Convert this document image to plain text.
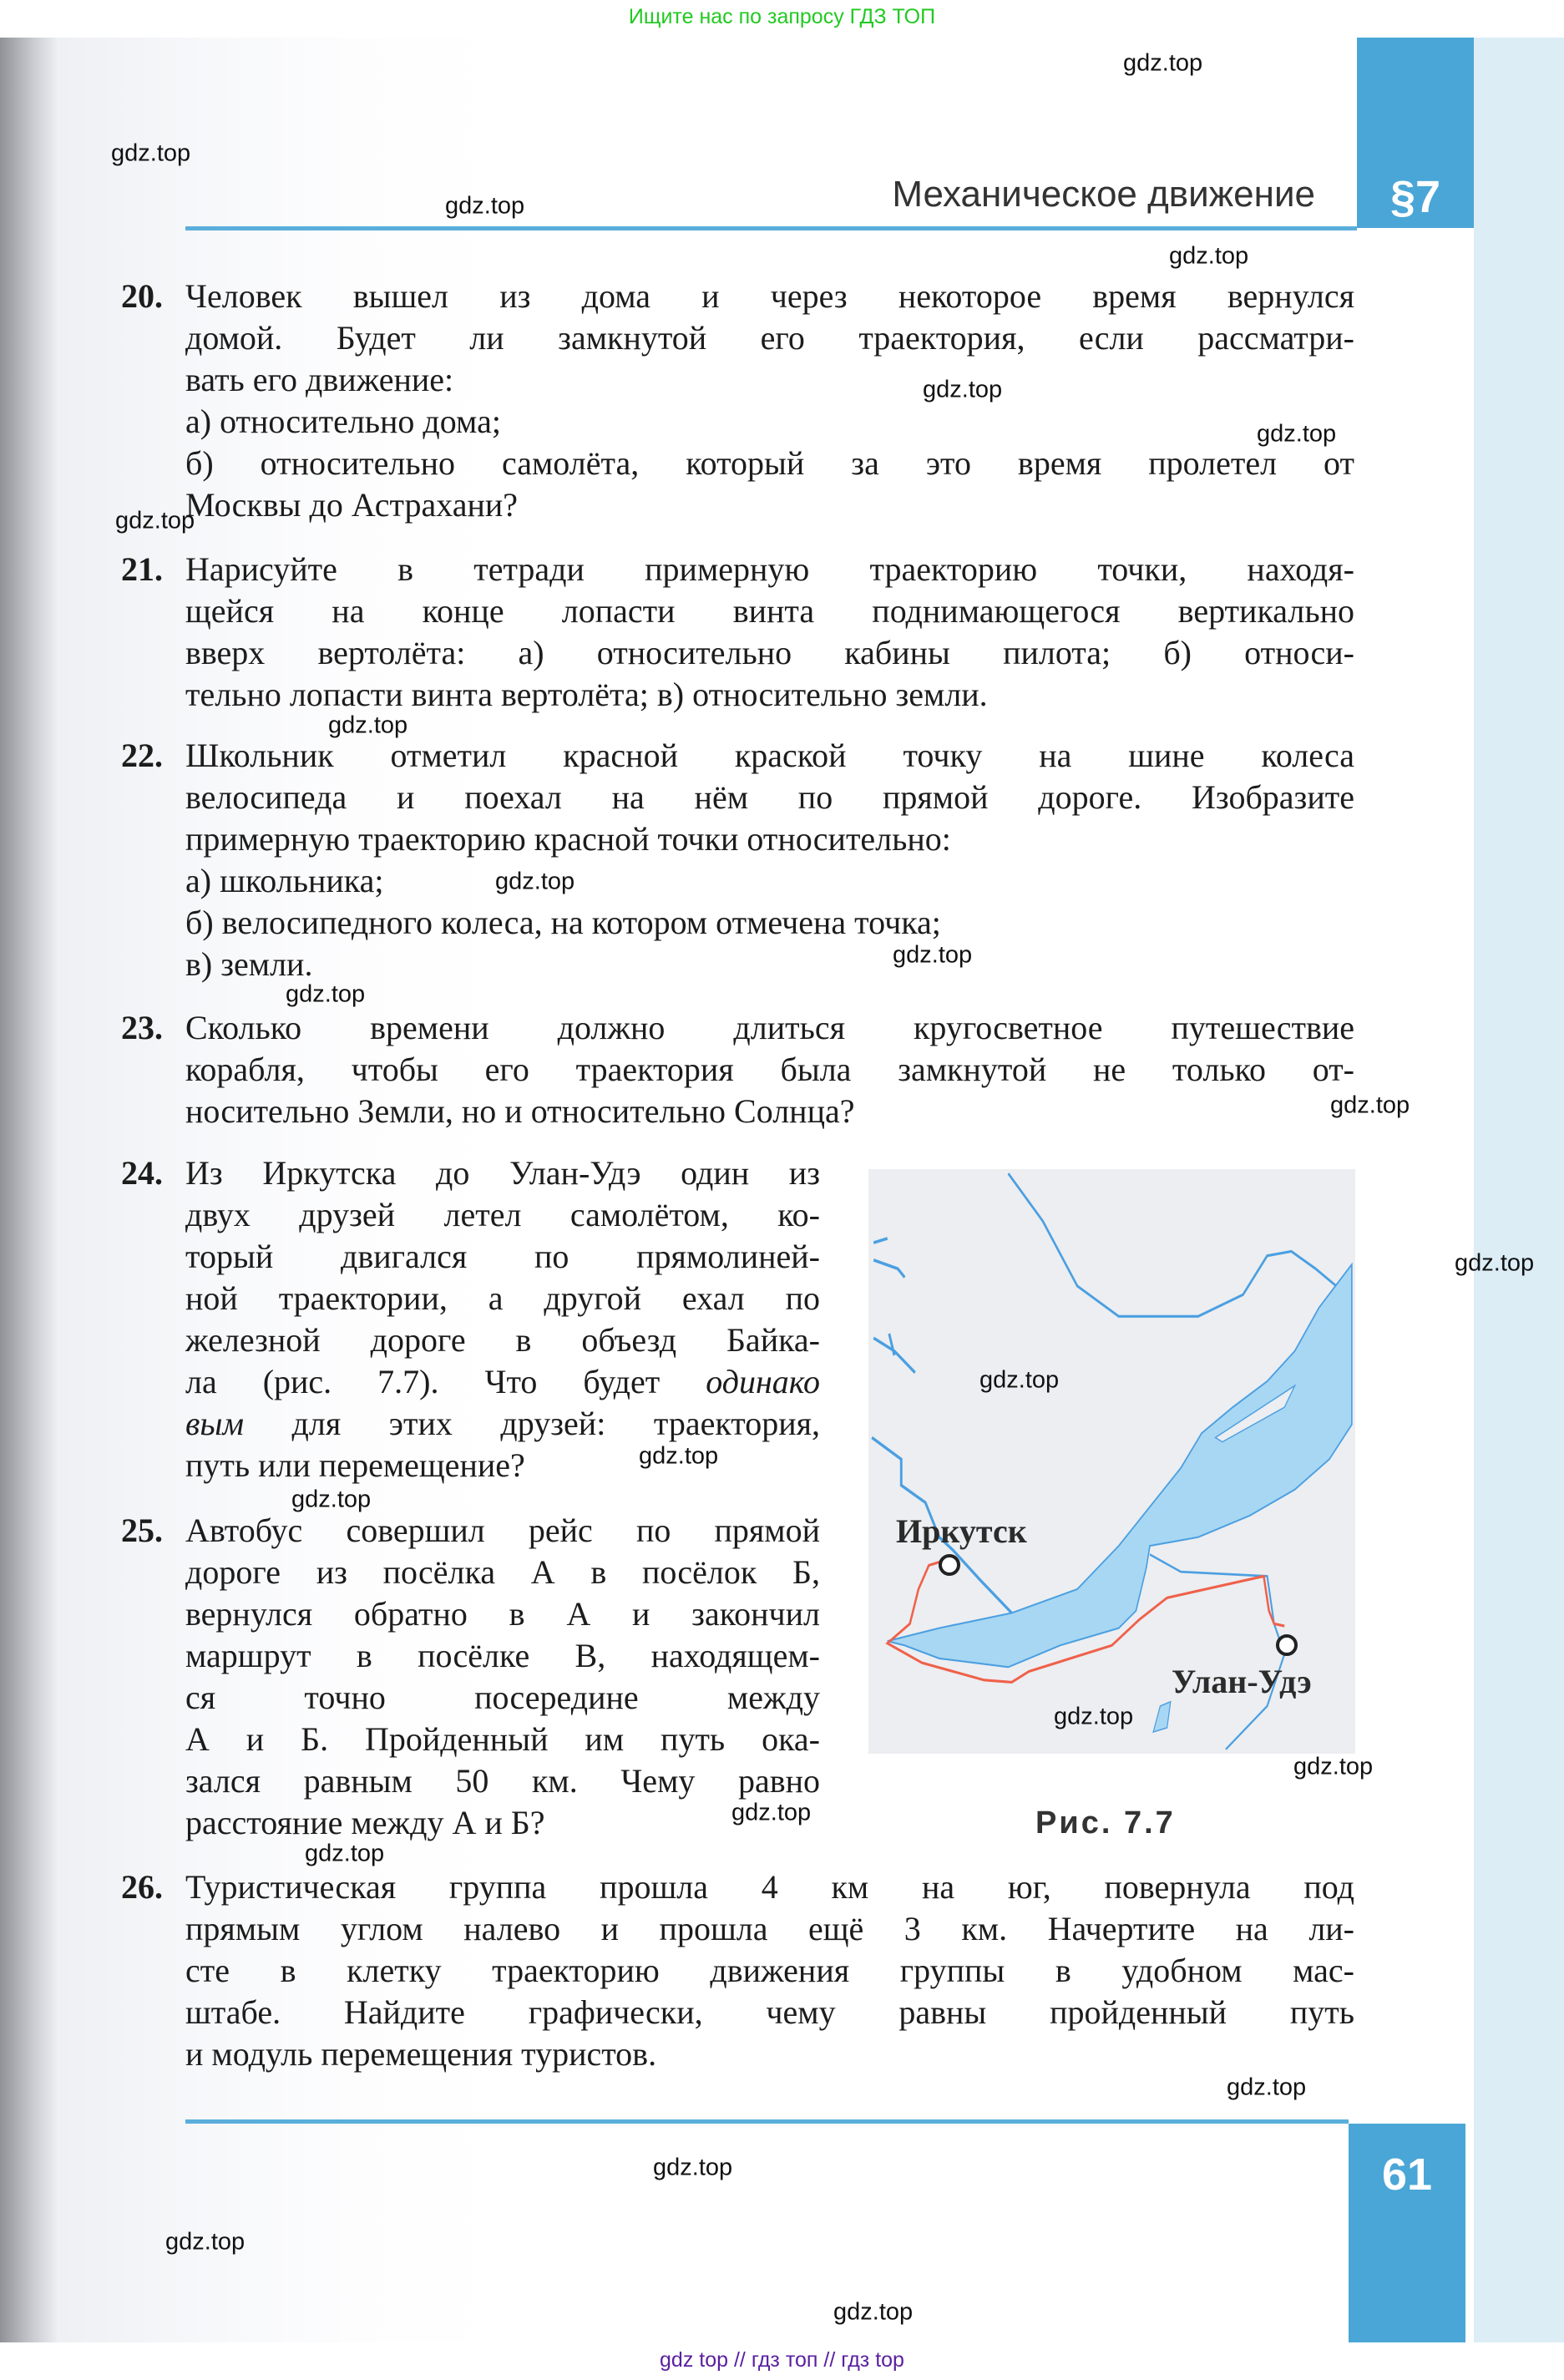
Ищите нас по запросу ГДЗ ТОП
§7
Механическое движение
20. Человек вышел из дома и через некоторое время вернулся
домой. Будет ли замкнутой его траектория, если рассматри-
вать его движение:
а) относительно дома;
б) относительно самолёта, который за это время пролетел от
Москвы до Астрахани?
21. Нарисуйте в тетради примерную траекторию точки, находя-
щейся на конце лопасти винта поднимающегося вертикально
вверх вертолёта: а) относительно кабины пилота; б) относи-
тельно лопасти винта вертолёта; в) относительно земли.
22. Школьник отметил красной краской точку на шине колеса
велосипеда и поехал на нём по прямой дороге. Изобразите
примерную траекторию красной точки относительно:
а) школьника;
б) велосипедного колеса, на котором отмечена точка;
в) земли.
23. Сколько времени должно длиться кругосветное путешествие
корабля, чтобы его траектория была замкнутой не только от-
носительно Земли, но и относительно Солнца?
24. Из Иркутска до Улан-Удэ один из
двух друзей летел самолётом, ко-
торый двигался по прямолиней-
ной траектории, а другой ехал по
железной дороге в объезд Байка-
ла (рис. 7.7). Что будет одинако
вым для этих друзей: траектория,
путь или перемещение?
25. Автобус совершил рейс по прямой
дороге из посёлка А в посёлок Б,
вернулся обратно в А и закончил
маршрут в посёлке В, находящем-
ся точно посередине между
А и Б. Пройденный им путь ока-
зался равным 50 км. Чему равно
расстояние между А и Б?
26. Туристическая группа прошла 4 км на юг, повернула под
прямым углом налево и прошла ещё 3 км. Начертите на ли-
сте в клетку траекторию движения группы в удобном мас-
штабе. Найдите графически, чему равны пройденный путь
и модуль перемещения туристов.
Иркутск
Улан-Удэ
Рис. 7.7
61
gdz.top
gdz.top
gdz.top
gdz.top
gdz.top
gdz.top
gdz.top
gdz.top
gdz.top
gdz.top
gdz.top
gdz.top
gdz.top
gdz.top
gdz.top
gdz.top
gdz.top
gdz.top
gdz.top
gdz.top
gdz.top
gdz.top
gdz.top
gdz.top
gdz top // гдз топ // гдз top
